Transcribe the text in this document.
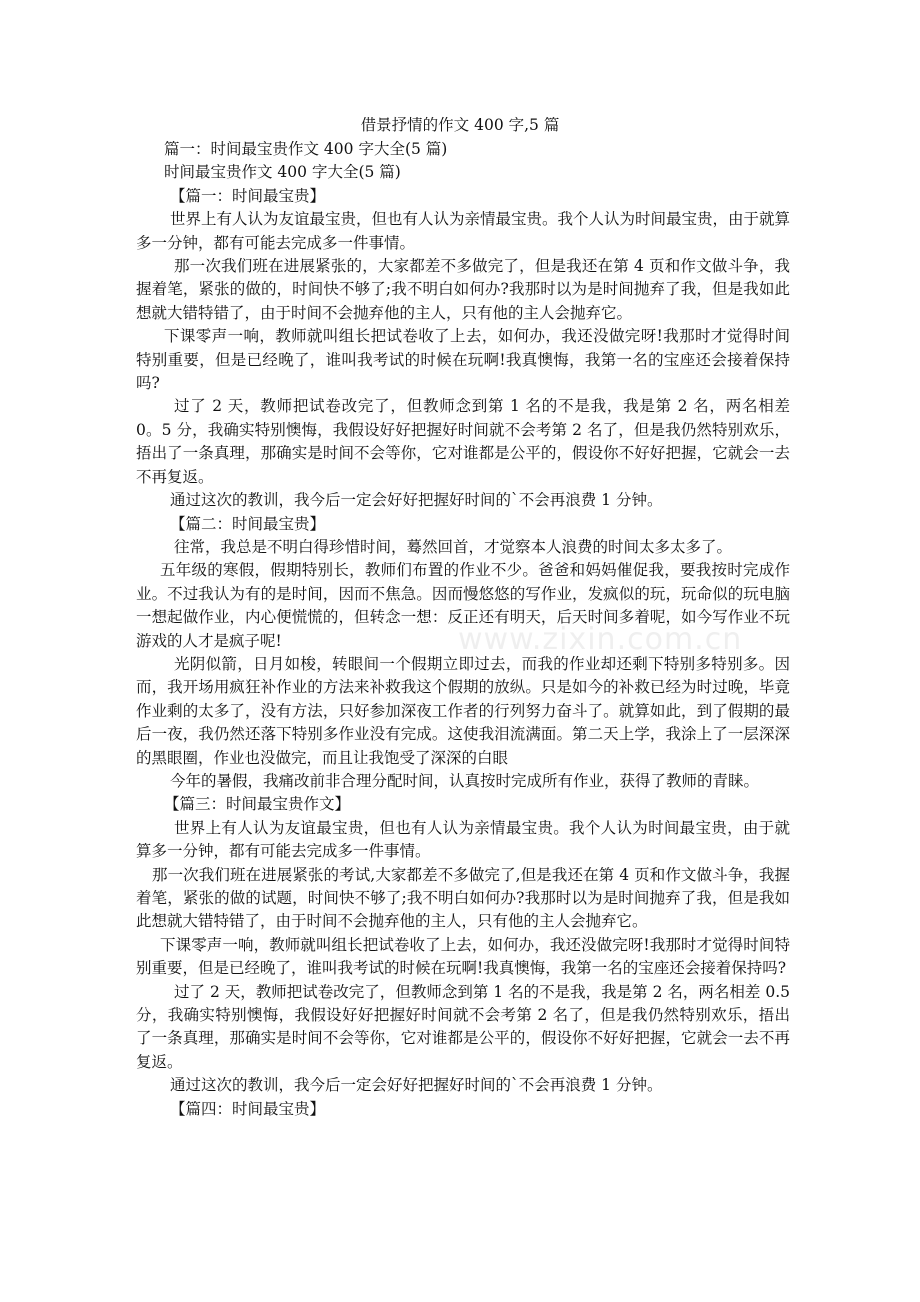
借景抒情的作文 400 字,5 篇
www.zixin.com.cn

篇一：时间最宝贵作文 400 字大全(5 篇)

时间最宝贵作文 400 字大全(5 篇)

【篇一：时间最宝贵】

世界上有人认为友谊最宝贵，但也有人认为亲情最宝贵。我个人认为时间最宝贵，由于就算多一分钟，都有可能去完成多一件事情。

那一次我们班在进展紧张的，大家都差不多做完了，但是我还在第 4 页和作文做斗争，我握着笔，紧张的做的，时间快不够了;我不明白如何办?我那时以为是时间抛弃了我，但是我如此想就大错特错了，由于时间不会抛弃他的主人，只有他的主人会抛弃它。

下课零声一响，教师就叫组长把试卷收了上去，如何办，我还没做完呀!我那时才觉得时间特别重要，但是已经晚了，谁叫我考试的时候在玩啊!我真懊悔，我第一名的宝座还会接着保持吗?

过了 2 天，教师把试卷改完了，但教师念到第 1 名的不是我，我是第 2 名，两名相差 0。5 分，我确实特别懊悔，我假设好好把握好时间就不会考第 2 名了，但是我仍然特别欢乐，捂出了一条真理，那确实是时间不会等你，它对谁都是公平的，假设你不好好把握，它就会一去不再复返。

通过这次的教训，我今后一定会好好把握好时间的`不会再浪费 1 分钟。

【篇二：时间最宝贵】

往常，我总是不明白得珍惜时间，蓦然回首，才觉察本人浪费的时间太多太多了。

五年级的寒假，假期特别长，教师们布置的作业不少。爸爸和妈妈催促我，要我按时完成作业。不过我认为有的是时间，因而不焦急。因而慢悠悠的写作业，发疯似的玩，玩命似的玩电脑一想起做作业，内心便慌慌的，但转念一想：反正还有明天，后天时间多着呢，如今写作业不玩游戏的人才是疯子呢!

光阴似箭，日月如梭，转眼间一个假期立即过去，而我的作业却还剩下特别多特别多。因而，我开场用疯狂补作业的方法来补救我这个假期的放纵。只是如今的补救已经为时过晚，毕竟作业剩的太多了，没有方法，只好参加深夜工作者的行列努力奋斗了。就算如此，到了假期的最后一夜，我仍然还落下特别多作业没有完成。这使我泪流满面。第二天上学，我涂上了一层深深的黑眼圈，作业也没做完，而且让我饱受了深深的白眼

今年的暑假，我痛改前非合理分配时间，认真按时完成所有作业，获得了教师的青睐。

【篇三：时间最宝贵作文】

世界上有人认为友谊最宝贵，但也有人认为亲情最宝贵。我个人认为时间最宝贵，由于就算多一分钟，都有可能去完成多一件事情。

那一次我们班在进展紧张的考试,大家都差不多做完了,但是我还在第 4 页和作文做斗争，我握着笔，紧张的做的试题，时间快不够了;我不明白如何办?我那时以为是时间抛弃了我，但是我如此想就大错特错了，由于时间不会抛弃他的主人，只有他的主人会抛弃它。

下课零声一响，教师就叫组长把试卷收了上去，如何办，我还没做完呀!我那时才觉得时间特别重要，但是已经晚了，谁叫我考试的时候在玩啊!我真懊悔，我第一名的宝座还会接着保持吗?

过了 2 天，教师把试卷改完了，但教师念到第 1 名的不是我，我是第 2 名，两名相差 0.5 分，我确实特别懊悔，我假设好好把握好时间就不会考第 2 名了，但是我仍然特别欢乐，捂出了一条真理，那确实是时间不会等你，它对谁都是公平的，假设你不好好把握，它就会一去不再复返。

通过这次的教训，我今后一定会好好把握好时间的`不会再浪费 1 分钟。

【篇四：时间最宝贵】
